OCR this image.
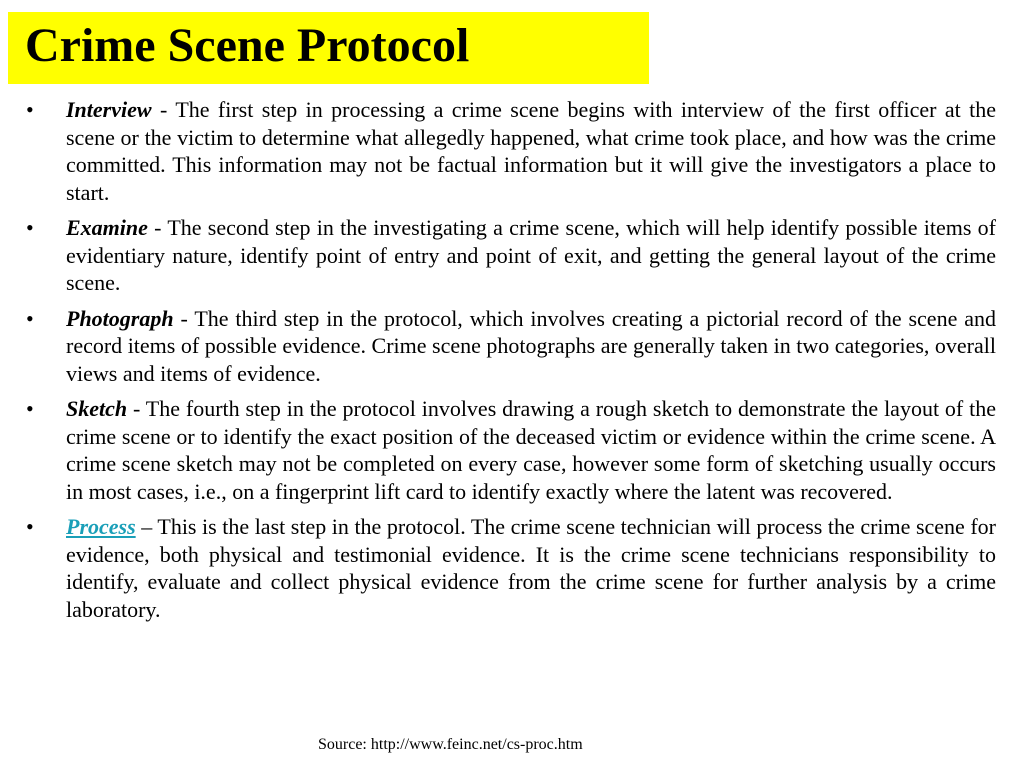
Crime Scene Protocol
•	Interview - The first step in processing a crime scene begins with interview of the first officer at the scene or the victim to determine what allegedly happened, what crime took place, and how was the crime committed. This information may not be factual information but it will give the investigators a place to start.
•	Examine - The second step in the investigating a crime scene, which will help identify possible items of evidentiary nature, identify point of entry and point of exit, and getting the general layout of the crime scene.
•	Photograph - The third step in the protocol, which involves creating a pictorial record of the scene and record items of possible evidence. Crime scene photographs are generally taken in two categories, overall views and items of evidence.
•	Sketch - The fourth step in the protocol involves drawing a rough sketch to demonstrate the layout of the crime scene or to identify the exact position of the deceased victim or evidence within the crime scene. A crime scene sketch may not be completed on every case, however some form of sketching usually occurs in most cases, i.e., on a fingerprint lift card to identify exactly where the latent was recovered.
•	Process – This is the last step in the protocol. The crime scene technician will process the crime scene for evidence, both physical and testimonial evidence. It is the crime scene technicians responsibility to identify, evaluate and collect physical evidence from the crime scene for further analysis by a crime laboratory.

Source: http://www.feinc.net/cs-proc.htm
